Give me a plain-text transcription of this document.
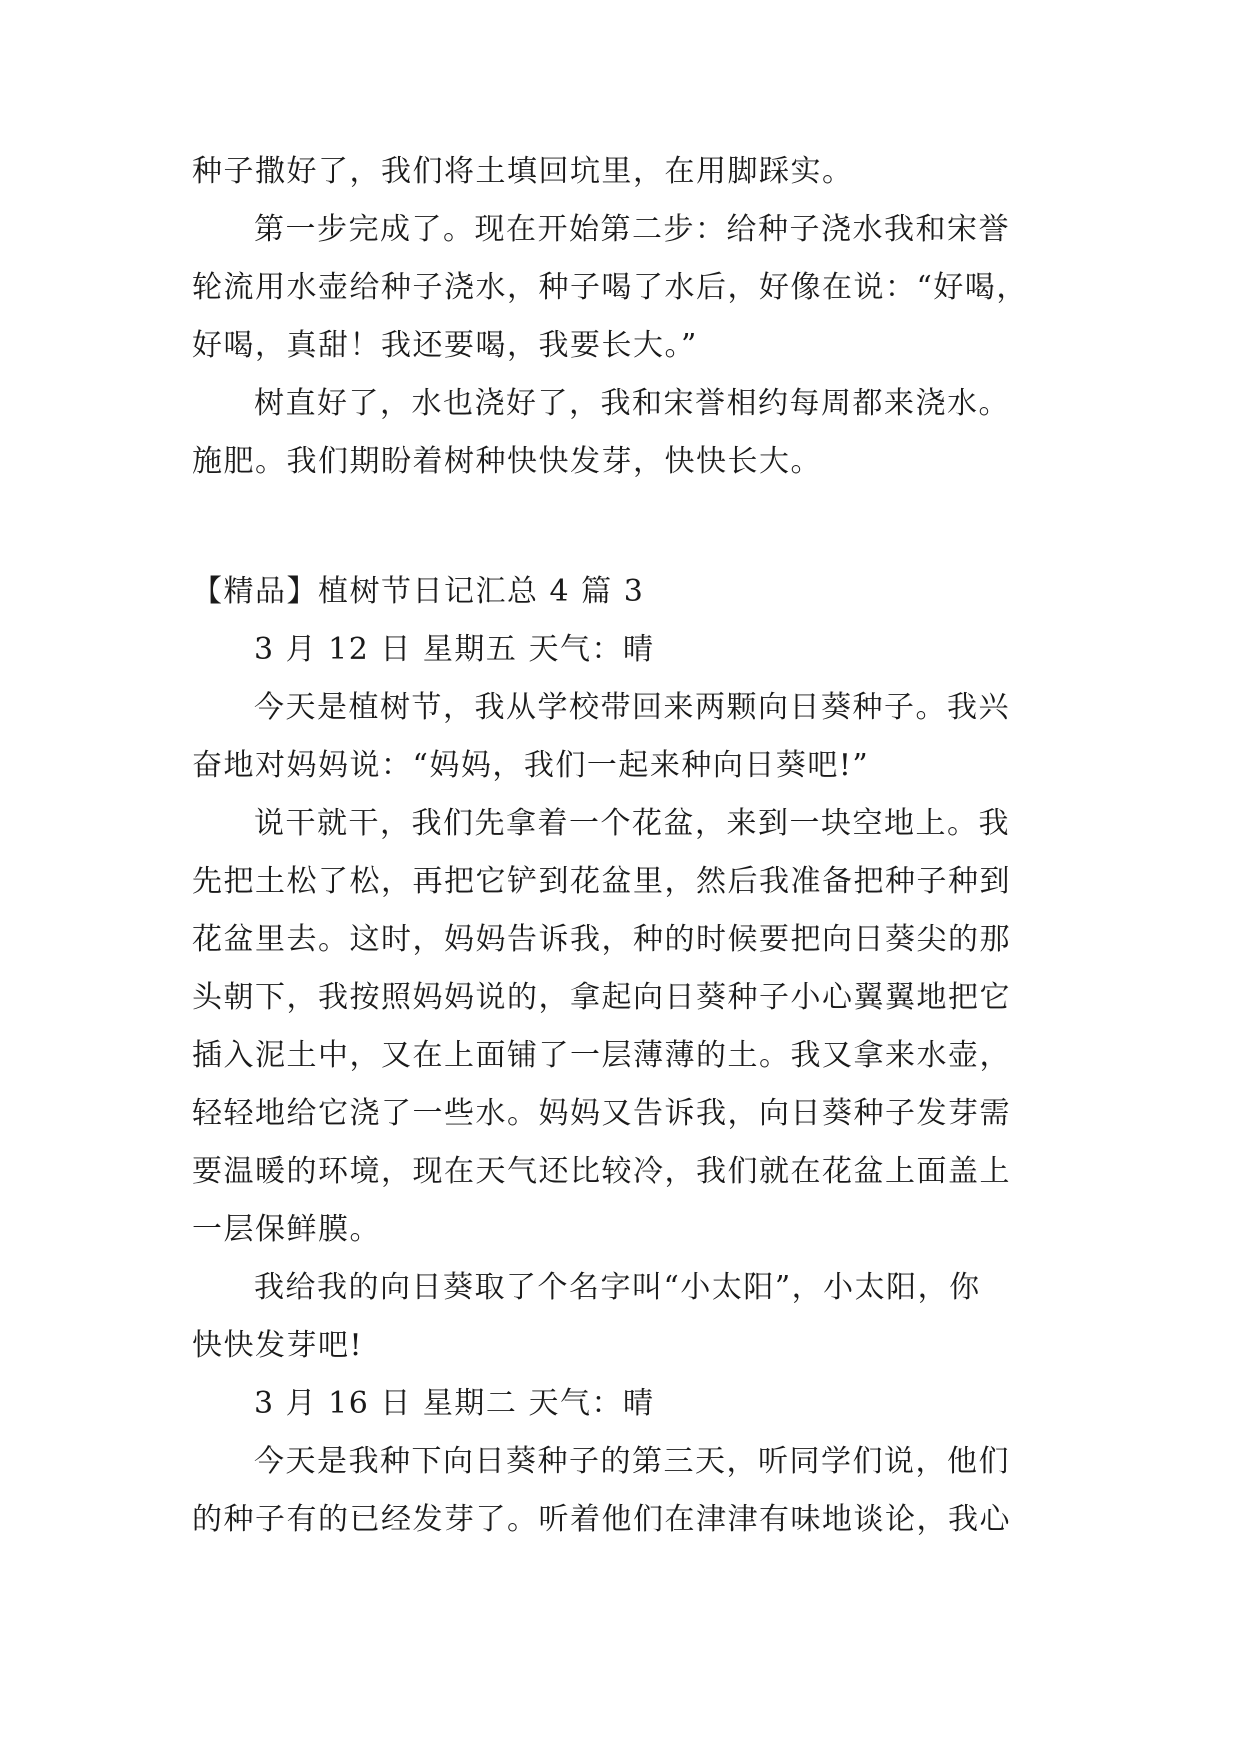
种子撒好了，我们将土填回坑里，在用脚踩实。

第一步完成了。现在开始第二步：给种子浇水我和宋誉

轮流用水壶给种子浇水，种子喝了水后，好像在说：“好喝，

好喝，真甜！我还要喝，我要长大。”

树直好了，水也浇好了，我和宋誉相约每周都来浇水。

施肥。我们期盼着树种快快发芽，快快长大。

【精品】植树节日记汇总 4 篇 3

3 月 12 日 星期五 天气：晴

今天是植树节，我从学校带回来两颗向日葵种子。我兴

奋地对妈妈说：“妈妈，我们一起来种向日葵吧!”

说干就干，我们先拿着一个花盆，来到一块空地上。我

先把土松了松，再把它铲到花盆里，然后我准备把种子种到

花盆里去。这时，妈妈告诉我，种的时候要把向日葵尖的那

头朝下，我按照妈妈说的，拿起向日葵种子小心翼翼地把它

插入泥土中，又在上面铺了一层薄薄的土。我又拿来水壶，

轻轻地给它浇了一些水。妈妈又告诉我，向日葵种子发芽需

要温暖的环境，现在天气还比较冷，我们就在花盆上面盖上

一层保鲜膜。

我给我的向日葵取了个名字叫“小太阳”，小太阳，你

快快发芽吧!

3 月 16 日 星期二 天气：晴

今天是我种下向日葵种子的第三天，听同学们说，他们

的种子有的已经发芽了。听着他们在津津有味地谈论，我心
